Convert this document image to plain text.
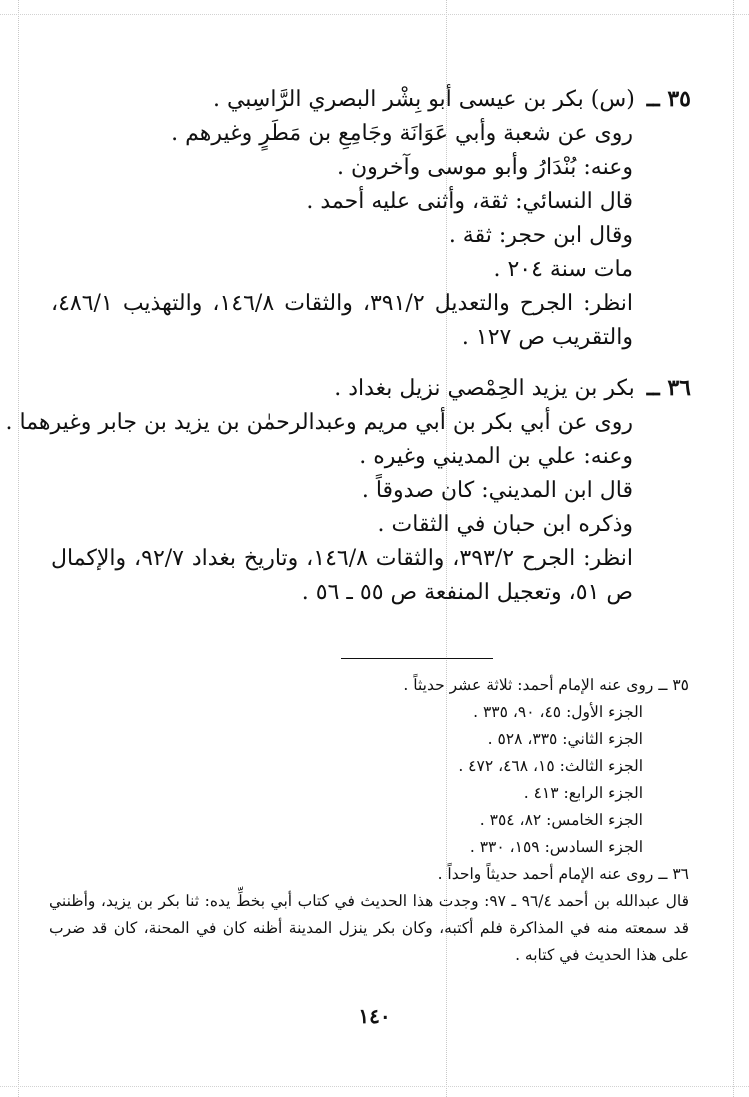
٣٥ ــ(س) بكر بن عيسى أبو بِشْر البصري الرَّاسِبي .
روى عن شعبة وأبي عَوَانَة وجَامِعِ بن مَطَرٍ وغيرهم .
وعنه: بُنْدَارُ وأبو موسى وآخرون .
قال النسائي: ثقة، وأثنى عليه أحمد .
وقال ابن حجر: ثقة .
مات سنة ٢٠٤ .
انظر: الجرح والتعديل ٣٩١/٢، والثقات ١٤٦/٨، والتهذيب ٤٨٦/١، والتقريب ص ١٢٧ .
٣٦ ــبكر بن يزيد الحِمْصي نزيل بغداد .
روى عن أبي بكر بن أبي مريم وعبدالرحمٰن بن يزيد بن جابر وغيرهما .
وعنه: علي بن المديني وغيره .
قال ابن المديني: كان صدوقاً .
وذكره ابن حبان في الثقات .
انظر: الجرح ٣٩٣/٢، والثقات ١٤٦/٨، وتاريخ بغداد ٩٢/٧، والإكمال ص ٥١، وتعجيل المنفعة ص ٥٥ ـ ٥٦ .
٣٥ ــ روى عنه الإمام أحمد: ثلاثة عشر حديثاً .
الجزء الأول: ٤٥، ٩٠، ٣٣٥ .
الجزء الثاني: ٣٣٥، ٥٢٨ .
الجزء الثالث: ١٥، ٤٦٨، ٤٧٢ .
الجزء الرابع: ٤١٣ .
الجزء الخامس: ٨٢، ٣٥٤ .
الجزء السادس: ١٥٩، ٣٣٠ .
٣٦ ــ روى عنه الإمام أحمد حديثاً واحداً .
قال عبدالله بن أحمد ٩٦/٤ ـ ٩٧: وجدت هذا الحديث في كتاب أبي بخطِّ يده: ثنا بكر بن يزيد، وأظنني قد سمعته منه في المذاكرة فلم أكتبه، وكان بكر ينزل المدينة أظنه كان في المحنة، كان قد ضرب على هذا الحديث في كتابه .
١٤٠
